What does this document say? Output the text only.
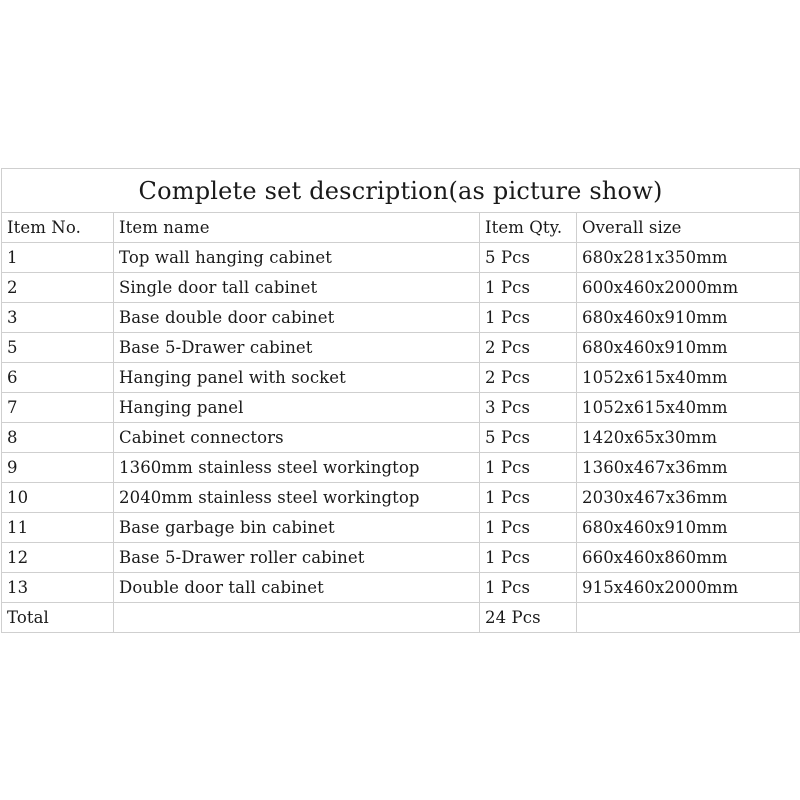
Complete set description(as picture show)			
Item No.	Item name	Item Qty.	Overall size
1	Top wall hanging cabinet	5 Pcs	680x281x350mm
2	Single door tall cabinet	1 Pcs	600x460x2000mm
3	Base double door cabinet	1 Pcs	680x460x910mm
5	Base 5-Drawer cabinet	2 Pcs	680x460x910mm
6	Hanging panel with socket	2 Pcs	1052x615x40mm
7	Hanging panel	3 Pcs	1052x615x40mm
8	Cabinet connectors	5 Pcs	1420x65x30mm
9	1360mm stainless steel workingtop	1 Pcs	1360x467x36mm
10	2040mm stainless steel workingtop	1 Pcs	2030x467x36mm
11	Base garbage bin cabinet	1 Pcs	680x460x910mm
12	Base 5-Drawer roller cabinet	1 Pcs	660x460x860mm
13	Double door tall cabinet	1 Pcs	915x460x2000mm
Total		24 Pcs	
